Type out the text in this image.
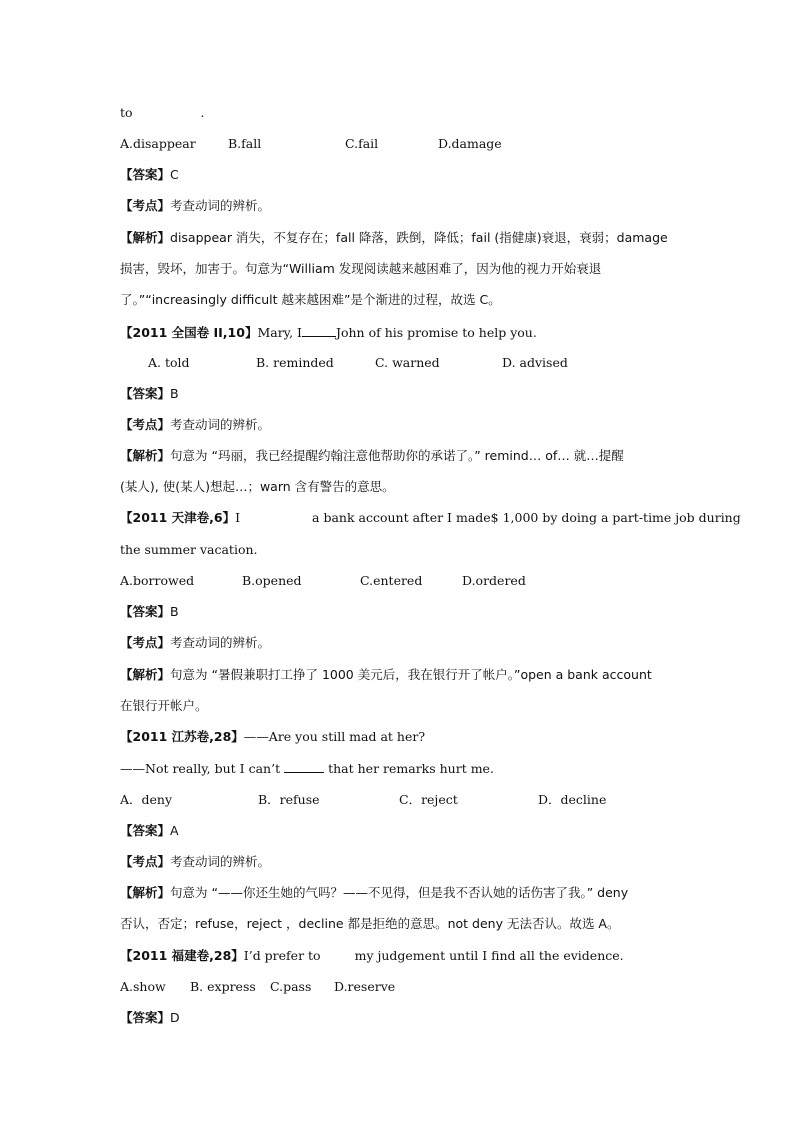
to	.
A.disappear	B.fall	C.fail	D.damage
【答案】C
【考点】考查动词的辨析。
【解析】disappear 消失，不复存在；fall 降落，跌倒，降低；fail (指健康)衰退，衰弱；damage
损害，毁坏，加害于。句意为“William 发现阅读越来越困难了，因为他的视力开始衰退
了。”“increasingly difficult 越来越困难”是个渐进的过程，故选 C。
【2011 全国卷 II,10】Mary, I	John of his promise to help you.
A. told	B. reminded	C. warned	D. advised
【答案】B
【考点】考查动词的辨析。
【解析】句意为 “玛丽，我已经提醒约翰注意他帮助你的承诺了。” remind… of… 就…提醒
(某人), 使(某人)想起…；warn 含有警告的意思。
【2011 天津卷,6】I	a bank account after I made$ 1,000 by doing a part-time job during
the summer vacation.
A.borrowed	B.opened	C.entered	D.ordered
【答案】B
【考点】考查动词的辨析。
【解析】句意为 “暑假兼职打工挣了 1000 美元后，我在银行开了帐户。”open a bank account
在银行开帐户。
【2011 江苏卷,28】——Are you still mad at her?
——Not really, but I can’t	that her remarks hurt me.
A．deny	B．refuse	C．reject	D．decline
【答案】A
【考点】考查动词的辨析。
【解析】句意为 “——你还生她的气吗？——不见得，但是我不否认她的话伤害了我。” deny
否认，否定；refuse，reject ，decline 都是拒绝的意思。not deny 无法否认。故选 A。
【2011 福建卷,28】I’d prefer to	my judgement until I find all the evidence.
A.show B. express C.pass D.reserve
【答案】D
